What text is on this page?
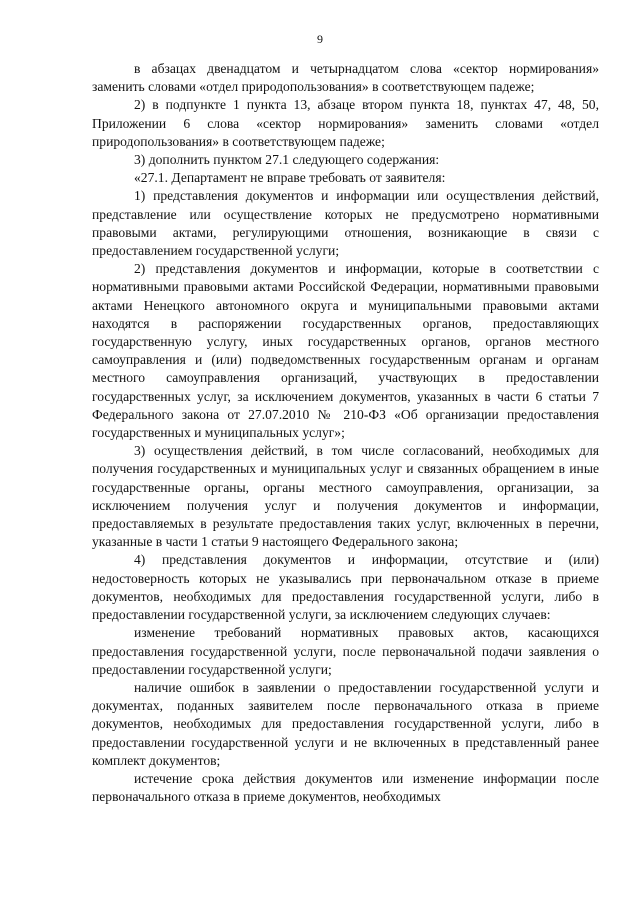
9

в абзацах двенадцатом и четырнадцатом слова «сектор нормирования» заменить словами «отдел природопользования» в соответствующем падеже;

2) в подпункте 1 пункта 13, абзаце втором пункта 18, пунктах 47, 48, 50, Приложении 6 слова «сектор нормирования» заменить словами «отдел природопользования» в соответствующем падеже;

3) дополнить пунктом 27.1 следующего содержания:

«27.1. Департамент не вправе требовать от заявителя:

1) представления документов и информации или осуществления действий, представление или осуществление которых не предусмотрено нормативными правовыми актами, регулирующими отношения, возникающие в связи с предоставлением государственной услуги;

2) представления документов и информации, которые в соответствии с нормативными правовыми актами Российской Федерации, нормативными правовыми актами Ненецкого автономного округа и муниципальными правовыми актами находятся в распоряжении государственных органов, предоставляющих государственную услугу, иных государственных органов, органов местного самоуправления и (или) подведомственных государственным органам и органам местного самоуправления организаций, участвующих в предоставлении государственных услуг, за исключением документов, указанных в части 6 статьи 7 Федерального закона от 27.07.2010 № 210-ФЗ «Об организации предоставления государственных и муниципальных услуг»;

3) осуществления действий, в том числе согласований, необходимых для получения государственных и муниципальных услуг и связанных обращением в иные государственные органы, органы местного самоуправления, организации, за исключением получения услуг и получения документов и информации, предоставляемых в результате предоставления таких услуг, включенных в перечни, указанные в части 1 статьи 9 настоящего Федерального закона;

4) представления документов и информации, отсутствие и (или) недостоверность которых не указывались при первоначальном отказе в приеме документов, необходимых для предоставления государственной услуги, либо в предоставлении государственной услуги, за исключением следующих случаев:

изменение требований нормативных правовых актов, касающихся предоставления государственной услуги, после первоначальной подачи заявления о предоставлении государственной услуги;

наличие ошибок в заявлении о предоставлении государственной услуги и документах, поданных заявителем после первоначального отказа в приеме документов, необходимых для предоставления государственной услуги, либо в предоставлении государственной услуги и не включенных в представленный ранее комплект документов;

истечение срока действия документов или изменение информации после первоначального отказа в приеме документов, необходимых
